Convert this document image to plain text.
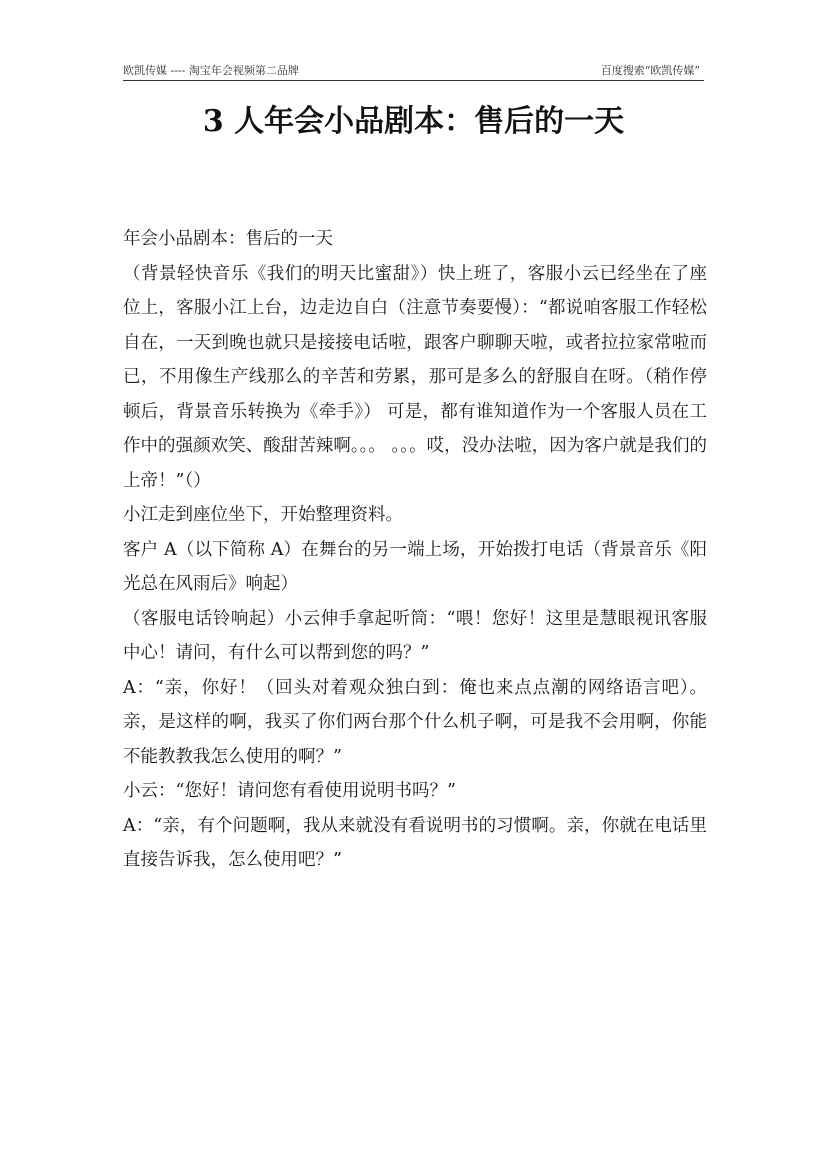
欧凯传媒 ---- 淘宝年会视频第二品牌	百度搜索“欧凯传媒”
3 人年会小品剧本：售后的一天

年会小品剧本：售后的一天

（背景轻快音乐《我们的明天比蜜甜》）快上班了，客服小云已经坐在了座位上，客服小江上台，边走边自白（注意节奏要慢）：“都说咱客服工作轻松自在，一天到晚也就只是接接电话啦，跟客户聊聊天啦，或者拉拉家常啦而已，不用像生产线那么的辛苦和劳累，那可是多么的舒服自在呀。（稍作停顿后，背景音乐转换为《牵手》） 可是，都有谁知道作为一个客服人员在工作中的强颜欢笑、酸甜苦辣啊。。。 。。。哎，没办法啦，因为客户就是我们的上帝！”（）

小江走到座位坐下，开始整理资料。

客户 A（以下简称 A）在舞台的另一端上场，开始拨打电话（背景音乐《阳光总在风雨后》响起）

（客服电话铃响起）小云伸手拿起听筒：“喂！您好！这里是慧眼视讯客服中心！请问，有什么可以帮到您的吗？”

A：“亲，你好！（回头对着观众独白到：俺也来点点潮的网络语言吧）。亲，是这样的啊，我买了你们两台那个什么机子啊，可是我不会用啊，你能不能教教我怎么使用的啊？”

小云：“您好！请问您有看使用说明书吗？”

A：“亲，有个问题啊，我从来就没有看说明书的习惯啊。亲，你就在电话里直接告诉我，怎么使用吧？”
